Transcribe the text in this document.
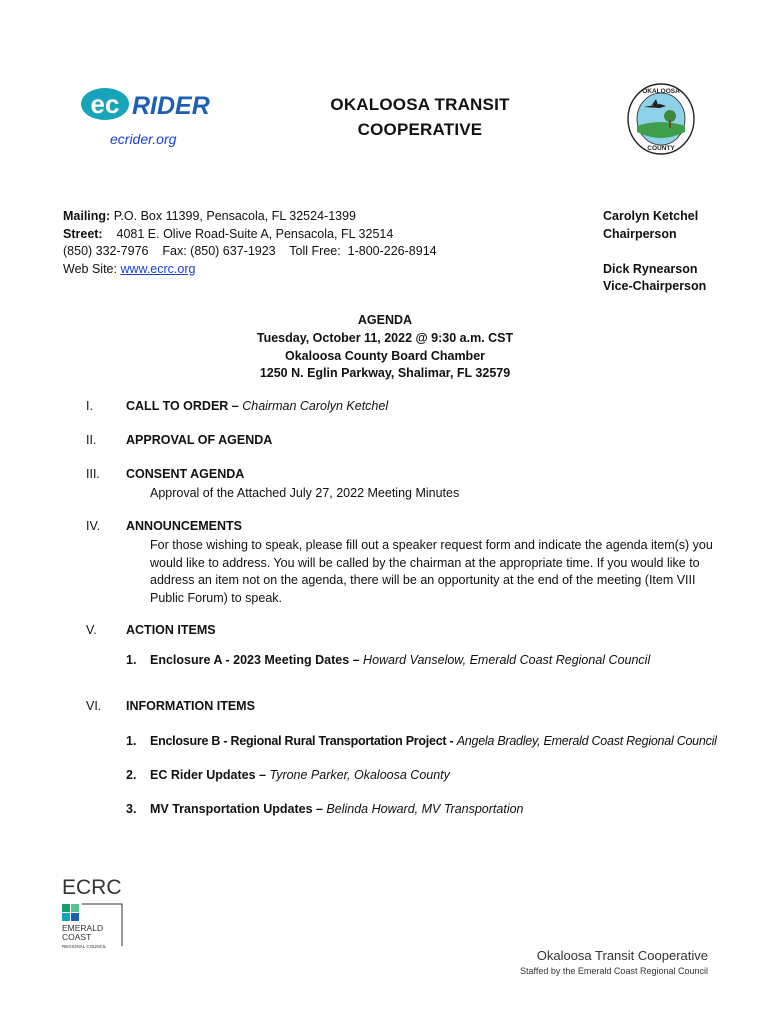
ec RIDER
ecrider.org
OKALOOSA TRANSIT
COOPERATIVE
OKALOOSA
COUNTY
Mailing: P.O. Box 11399, Pensacola, FL 32524-1399
Street: 4081 E. Olive Road-Suite A, Pensacola, FL 32514
(850) 332-7976    Fax: (850) 637-1923    Toll Free:  1-800-226-8914
Web Site: www.ecrc.org
Carolyn Ketchel
Chairperson
Dick Rynearson
Vice-Chairperson
AGENDA
Tuesday, October 11, 2022 @ 9:30 a.m. CST
Okaloosa County Board Chamber
1250 N. Eglin Parkway, Shalimar, FL 32579
I.	CALL TO ORDER – Chairman Carolyn Ketchel
II. APPROVAL OF AGENDA
III. CONSENT AGENDA
Approval of the Attached July 27, 2022 Meeting Minutes
IV. ANNOUNCEMENTS
For those wishing to speak, please fill out a speaker request form and indicate the agenda item(s) you
would like to address. You will be called by the chairman at the appropriate time. If you would like to
address an item not on the agenda, there will be an opportunity at the end of the meeting (Item VIII
Public Forum) to speak.
V. ACTION ITEMS
1. Enclosure A - 2023 Meeting Dates – Howard Vanselow, Emerald Coast Regional Council
VI. INFORMATION ITEMS
1. Enclosure B - Regional Rural Transportation Project - Angela Bradley, Emerald Coast Regional Council
2. EC Rider Updates – Tyrone Parker, Okaloosa County
3. MV Transportation Updates – Belinda Howard, MV Transportation
ECRC
EMERALD
COAST
REGIONAL COUNCIL
Okaloosa Transit Cooperative
Staffed by the Emerald Coast Regional Council
